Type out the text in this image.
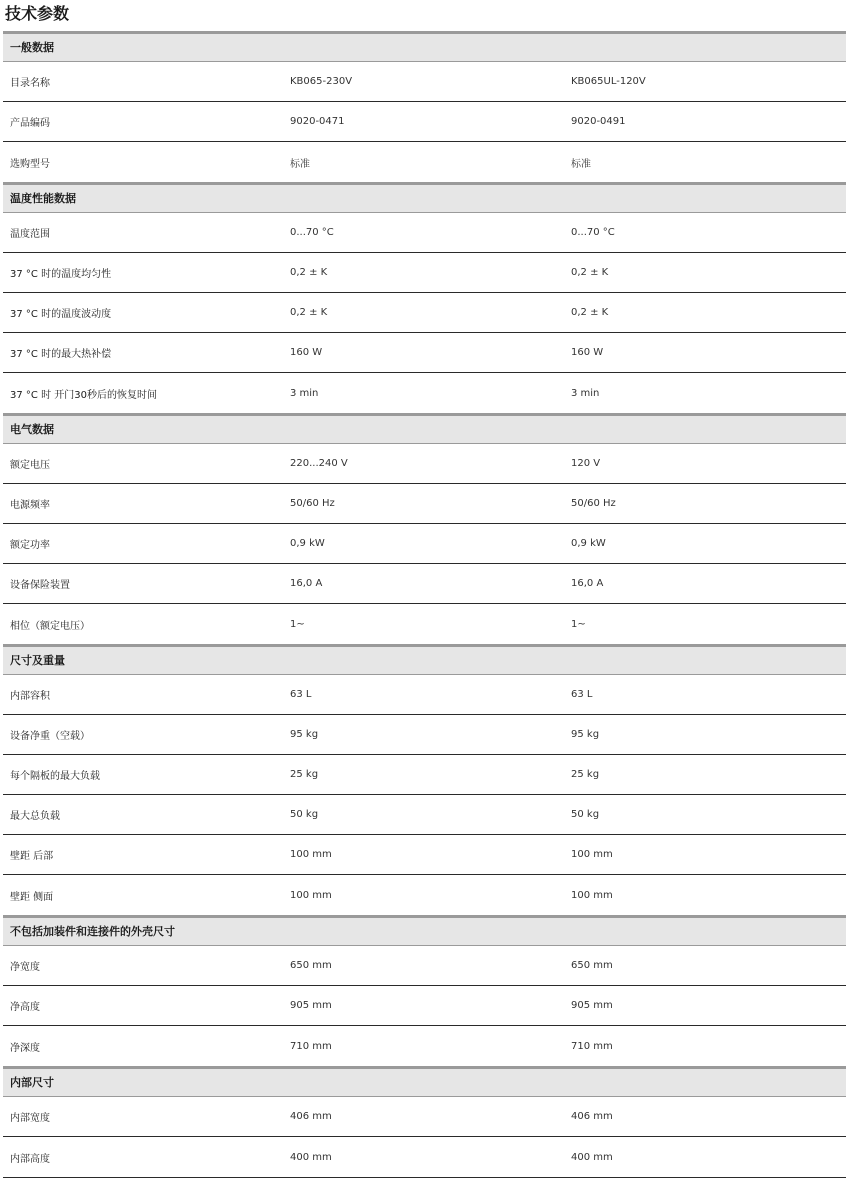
技术参数
一般数据
目录名称	KB065-230V	KB065UL-120V
产品编码	9020-0471	9020-0491
选购型号	标准	标准
温度性能数据
温度范围	0...70 °C	0...70 °C
37 °C 时的温度均匀性	0,2 ± K	0,2 ± K
37 °C 时的温度波动度	0,2 ± K	0,2 ± K
37 °C 时的最大热补偿	160 W	160 W
37 °C 时 开门30秒后的恢复时间	3 min	3 min
电气数据
额定电压	220...240 V	120 V
电源频率	50/60 Hz	50/60 Hz
额定功率	0,9 kW	0,9 kW
设备保险装置	16,0 A	16,0 A
相位（额定电压）	1~	1~
尺寸及重量
内部容积	63 L	63 L
设备净重（空载）	95 kg	95 kg
每个隔板的最大负载	25 kg	25 kg
最大总负载	50 kg	50 kg
壁距 后部	100 mm	100 mm
壁距 侧面	100 mm	100 mm
不包括加装件和连接件的外壳尺寸
净宽度	650 mm	650 mm
净高度	905 mm	905 mm
净深度	710 mm	710 mm
内部尺寸
内部宽度	406 mm	406 mm
内部高度	400 mm	400 mm
